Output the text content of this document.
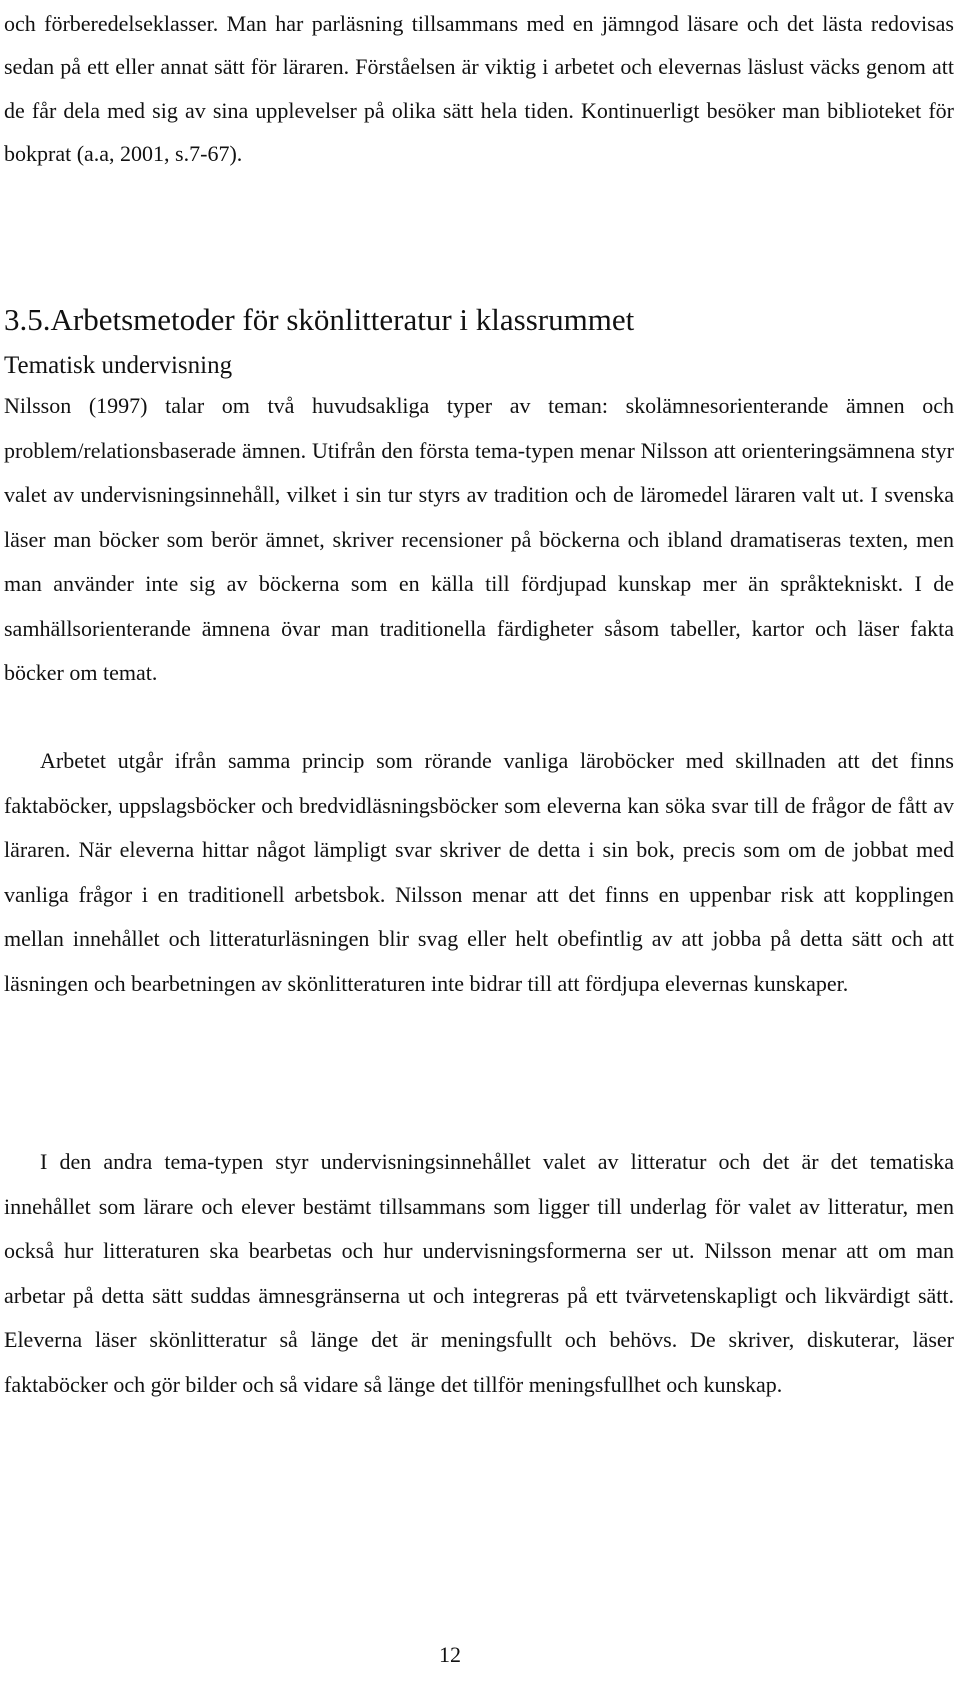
och förberedelseklasser. Man har parläsning tillsammans med en jämngod läsare och det lästa redovisas sedan på ett eller annat sätt för läraren. Förståelsen är viktig i arbetet och elevernas läslust väcks genom att de får dela med sig av sina upplevelser på olika sätt hela tiden. Kontinuerligt besöker man biblioteket för bokprat (a.a, 2001, s.7-67).

3.5.Arbetsmetoder för skönlitteratur i klassrummet
Tematisk undervisning

Nilsson (1997) talar om två huvudsakliga typer av teman: skolämnesorienterande ämnen och problem/relationsbaserade ämnen. Utifrån den första tema-typen menar Nilsson att orienteringsämnena styr valet av undervisningsinnehåll, vilket i sin tur styrs av tradition och de läromedel läraren valt ut. I svenska läser man böcker som berör ämnet, skriver recensioner på böckerna och ibland dramatiseras texten, men man använder inte sig av böckerna som en källa till fördjupad kunskap mer än språktekniskt. I de samhällsorienterande ämnena övar man traditionella färdigheter såsom tabeller, kartor och läser fakta böcker om temat.

Arbetet utgår ifrån samma princip som rörande vanliga läroböcker med skillnaden att det finns faktaböcker, uppslagsböcker och bredvidläsningsböcker som eleverna kan söka svar till de frågor de fått av läraren. När eleverna hittar något lämpligt svar skriver de detta i sin bok, precis som om de jobbat med vanliga frågor i en traditionell arbetsbok. Nilsson menar att det finns en uppenbar risk att kopplingen mellan innehållet och litteraturläsningen blir svag eller helt obefintlig av att jobba på detta sätt och att läsningen och bearbetningen av skönlitteraturen inte bidrar till att fördjupa elevernas kunskaper.

I den andra tema-typen styr undervisningsinnehållet valet av litteratur och det är det tematiska innehållet som lärare och elever bestämt tillsammans som ligger till underlag för valet av litteratur, men också hur litteraturen ska bearbetas och hur undervisningsformerna ser ut. Nilsson menar att om man arbetar på detta sätt suddas ämnesgränserna ut och integreras på ett tvärvetenskapligt och likvärdigt sätt. Eleverna läser skönlitteratur så länge det är meningsfullt och behövs. De skriver, diskuterar, läser faktaböcker och gör bilder och så vidare så länge det tillför meningsfullhet och kunskap.

12
